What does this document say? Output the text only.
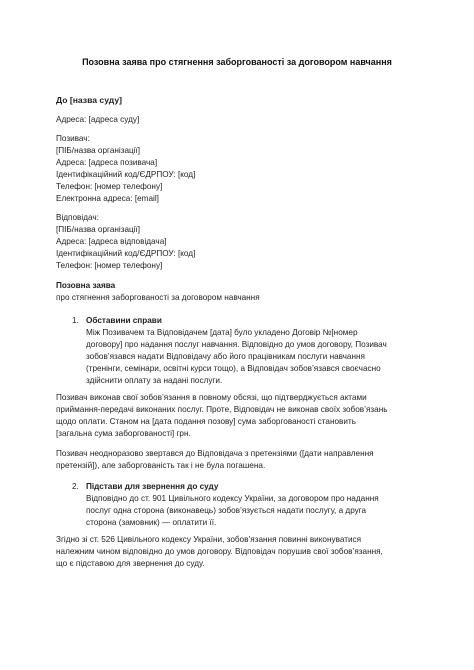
Позовна заява про стягнення заборгованості за договором навчання
До [назва суду]
Адреса: [адреса суду]
Позивач:
[ПІБ/назва організації]
Адреса: [адреса позивача]
Ідентифікаційний код/ЄДРПОУ: [код]
Телефон: [номер телефону]
Електронна адреса: [email]
Відповідач:
[ПІБ/назва організації]
Адреса: [адреса відповідача]
Ідентифікаційний код/ЄДРПОУ: [код]
Телефон: [номер телефону]
Позовна заява
про стягнення заборгованості за договором навчання
1. Обставини справи
Між Позивачем та Відповідачем [дата] було укладено Договір №[номер
договору] про надання послуг навчання. Відповідно до умов договору, Позивач
зобов’язався надати Відповідачу або його працівникам послуги навчання
(тренінги, семінари, освітні курси тощо), а Відповідач зобов’язався своєчасно
здійснити оплату за надані послуги.
Позивач виконав свої зобов’язання в повному обсязі, що підтверджується актами
приймання-передачі виконаних послуг. Проте, Відповідач не виконав своїх зобов’язань
щодо оплати. Станом на [дата подання позову] сума заборгованості становить
[загальна сума заборгованості] грн.
Позивач неодноразово звертався до Відповідача з претензіями ([дати направлення
претензій]), але заборгованість так і не була погашена.
2. Підстави для звернення до суду
Відповідно до ст. 901 Цивільного кодексу України, за договором про надання
послуг одна сторона (виконавець) зобов’язується надати послугу, а друга
сторона (замовник) — оплатити її.
Згідно зі ст. 526 Цивільного кодексу України, зобов’язання повинні виконуватися
належним чином відповідно до умов договору. Відповідач порушив свої зобов’язання,
що є підставою для звернення до суду.
